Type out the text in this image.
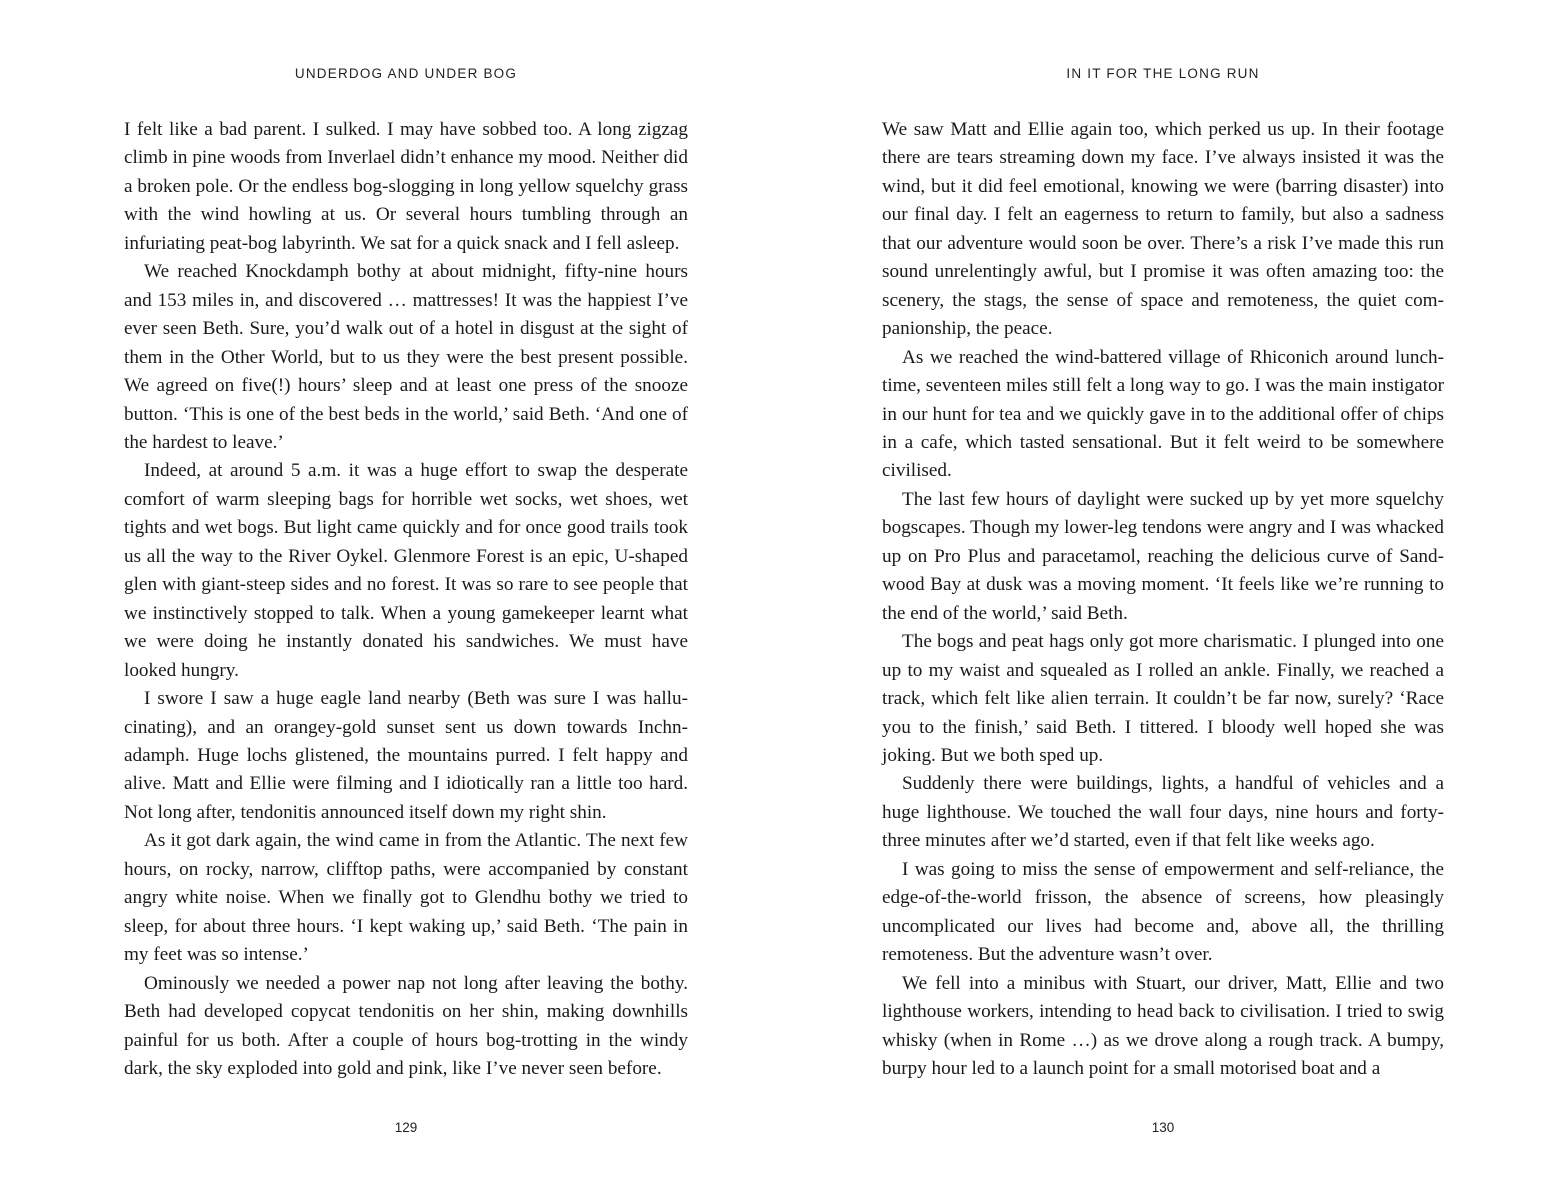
UNDERDOG AND UNDER BOG

I felt like a bad parent. I sulked. I may have sobbed too. A long zigzag climb in pine woods from Inverlael didn’t enhance my mood. Neither did a broken pole. Or the endless bog-slogging in long yellow squelchy grass with the wind howling at us. Or several hours tumbling through an infuriating peat-bog labyrinth. We sat for a quick snack and I fell asleep.

We reached Knockdamph bothy at about midnight, fifty-nine hours and 153 miles in, and discovered … mattresses! It was the happiest I’ve ever seen Beth. Sure, you’d walk out of a hotel in disgust at the sight of them in the Other World, but to us they were the best present possible. We agreed on five(!) hours’ sleep and at least one press of the snooze button. ‘This is one of the best beds in the world,’ said Beth. ‘And one of the hardest to leave.’

Indeed, at around 5 a.m. it was a huge effort to swap the desperate comfort of warm sleeping bags for horrible wet socks, wet shoes, wet tights and wet bogs. But light came quickly and for once good trails took us all the way to the River Oykel. Glenmore Forest is an epic, U-shaped glen with giant-steep sides and no forest. It was so rare to see people that we instinctively stopped to talk. When a young gamekeeper learnt what we were doing he instantly donated his sandwiches. We must have looked hungry.

I swore I saw a huge eagle land nearby (Beth was sure I was hallucinating), and an orangey-gold sunset sent us down towards Inchnadamph. Huge lochs glistened, the mountains purred. I felt happy and alive. Matt and Ellie were filming and I idiotically ran a little too hard. Not long after, tendonitis announced itself down my right shin.

As it got dark again, the wind came in from the Atlantic. The next few hours, on rocky, narrow, clifftop paths, were accompanied by constant angry white noise. When we finally got to Glendhu bothy we tried to sleep, for about three hours. ‘I kept waking up,’ said Beth. ‘The pain in my feet was so intense.’

Ominously we needed a power nap not long after leaving the bothy. Beth had developed copycat tendonitis on her shin, making downhills painful for us both. After a couple of hours bog-trotting in the windy dark, the sky exploded into gold and pink, like I’ve never seen before.

129
IN IT FOR THE LONG RUN

We saw Matt and Ellie again too, which perked us up. In their footage there are tears streaming down my face. I’ve always insisted it was the wind, but it did feel emotional, knowing we were (barring disaster) into our final day. I felt an eagerness to return to family, but also a sadness that our adventure would soon be over. There’s a risk I’ve made this run sound unrelentingly awful, but I promise it was often amazing too: the scenery, the stags, the sense of space and remoteness, the quiet companionship, the peace.

As we reached the wind-battered village of Rhiconich around lunchtime, seventeen miles still felt a long way to go. I was the main instigator in our hunt for tea and we quickly gave in to the additional offer of chips in a cafe, which tasted sensational. But it felt weird to be somewhere civilised.

The last few hours of daylight were sucked up by yet more squelchy bogscapes. Though my lower-leg tendons were angry and I was whacked up on Pro Plus and paracetamol, reaching the delicious curve of Sandwood Bay at dusk was a moving moment. ‘It feels like we’re running to the end of the world,’ said Beth.

The bogs and peat hags only got more charismatic. I plunged into one up to my waist and squealed as I rolled an ankle. Finally, we reached a track, which felt like alien terrain. It couldn’t be far now, surely? ‘Race you to the finish,’ said Beth. I tittered. I bloody well hoped she was joking. But we both sped up.

Suddenly there were buildings, lights, a handful of vehicles and a huge lighthouse. We touched the wall four days, nine hours and forty-three minutes after we’d started, even if that felt like weeks ago.

I was going to miss the sense of empowerment and self-reliance, the edge-of-the-world frisson, the absence of screens, how pleasingly uncomplicated our lives had become and, above all, the thrilling remoteness. But the adventure wasn’t over.

We fell into a minibus with Stuart, our driver, Matt, Ellie and two lighthouse workers, intending to head back to civilisation. I tried to swig whisky (when in Rome …) as we drove along a rough track. A bumpy, burpy hour led to a launch point for a small motorised boat and a

130
